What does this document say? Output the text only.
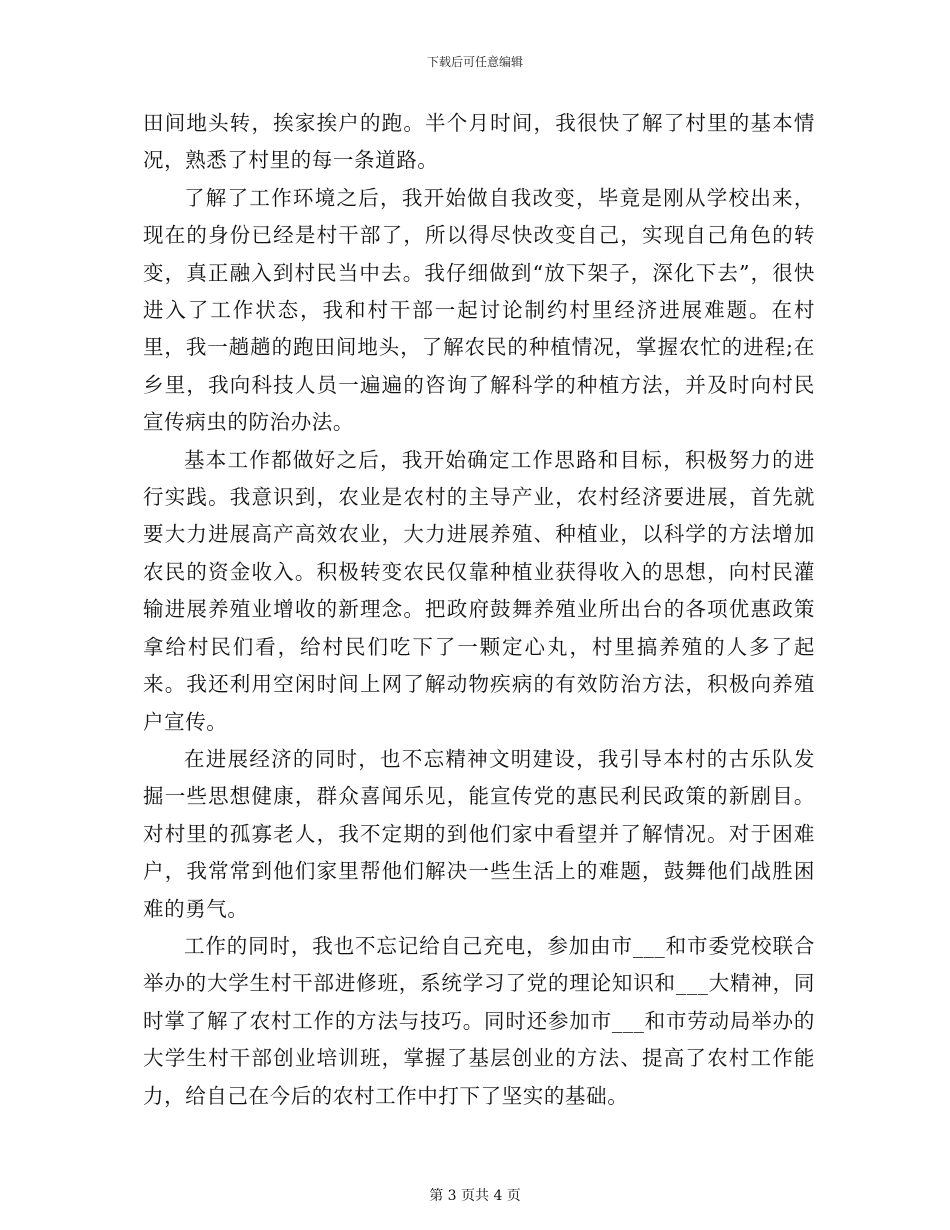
下载后可任意编辑

田间地头转，挨家挨户的跑。半个月时间，我很快了解了村里的基本情况，熟悉了村里的每一条道路。

了解了工作环境之后，我开始做自我改变，毕竟是刚从学校出来，现在的身份已经是村干部了，所以得尽快改变自己，实现自己角色的转变，真正融入到村民当中去。我仔细做到“放下架子，深化下去”，很快进入了工作状态，我和村干部一起讨论制约村里经济进展难题。在村里，我一趟趟的跑田间地头，了解农民的种植情况，掌握农忙的进程;在乡里，我向科技人员一遍遍的咨询了解科学的种植方法，并及时向村民宣传病虫的防治办法。

基本工作都做好之后，我开始确定工作思路和目标，积极努力的进行实践。我意识到，农业是农村的主导产业，农村经济要进展，首先就要大力进展高产高效农业，大力进展养殖、种植业，以科学的方法增加农民的资金收入。积极转变农民仅靠种植业获得收入的思想，向村民灌输进展养殖业增收的新理念。把政府鼓舞养殖业所出台的各项优惠政策拿给村民们看，给村民们吃下了一颗定心丸，村里搞养殖的人多了起来。我还利用空闲时间上网了解动物疾病的有效防治方法，积极向养殖户宣传。

在进展经济的同时，也不忘精神文明建设，我引导本村的古乐队发掘一些思想健康，群众喜闻乐见，能宣传党的惠民利民政策的新剧目。对村里的孤寡老人，我不定期的到他们家中看望并了解情况。对于困难户，我常常到他们家里帮他们解决一些生活上的难题，鼓舞他们战胜困难的勇气。

工作的同时，我也不忘记给自己充电，参加由市___和市委党校联合举办的大学生村干部进修班，系统学习了党的理论知识和___大精神，同时掌了解了农村工作的方法与技巧。同时还参加市___和市劳动局举办的大学生村干部创业培训班，掌握了基层创业的方法、提高了农村工作能力，给自己在今后的农村工作中打下了坚实的基础。

第 3 页共 4 页
